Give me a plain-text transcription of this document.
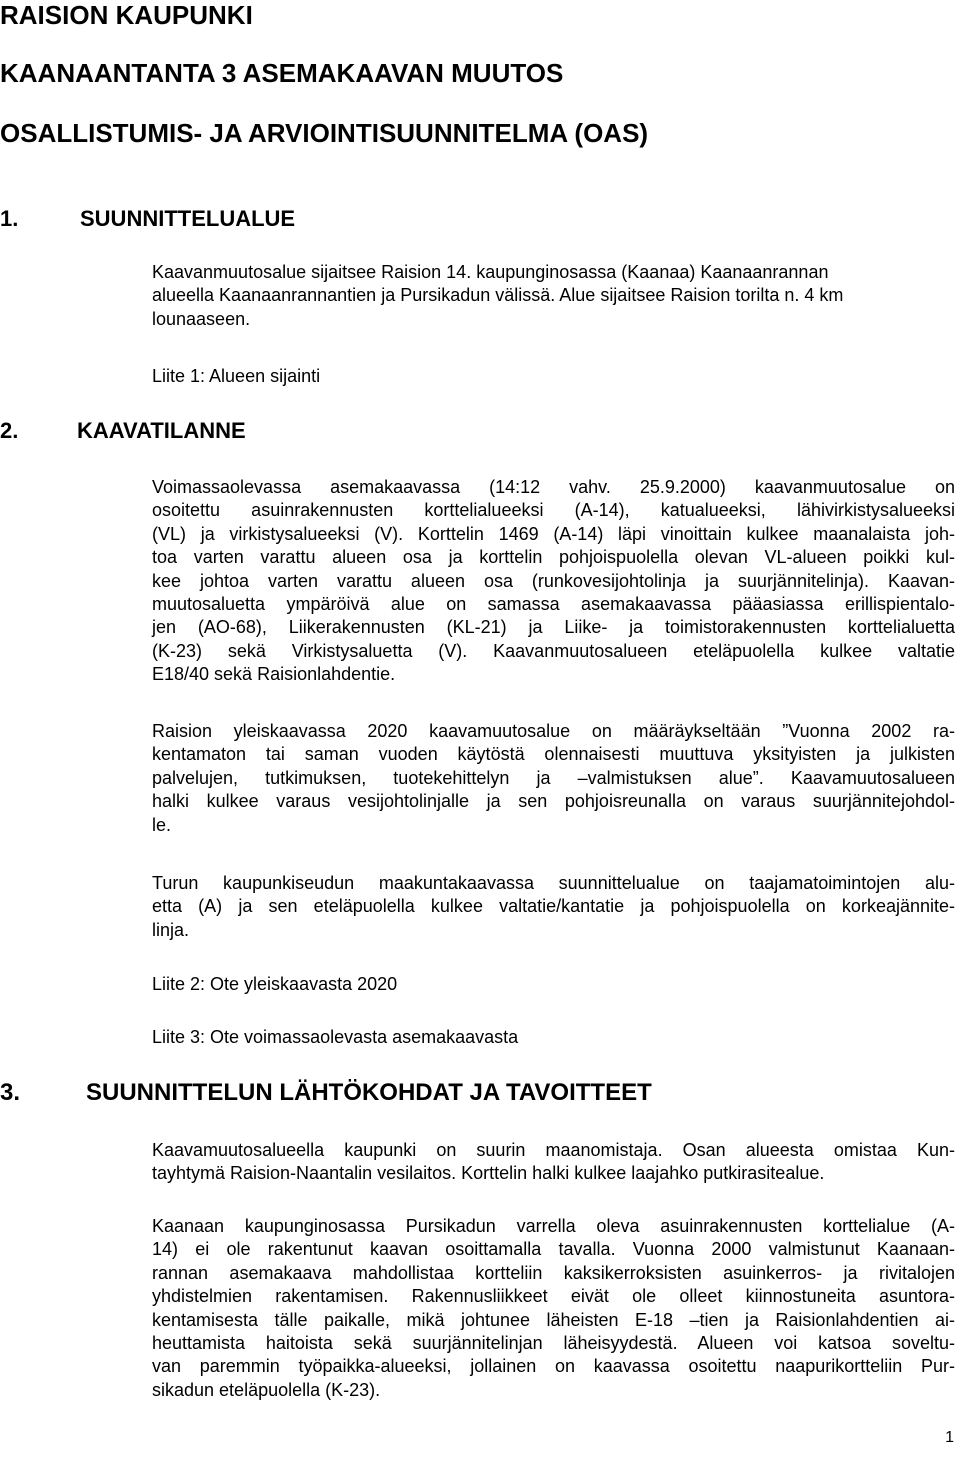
RAISION KAUPUNKI
KAANAANTANTA 3 ASEMAKAAVAN MUUTOS
OSALLISTUMIS- JA ARVIOINTISUUNNITELMA (OAS)
1.	SUUNNITTELUALUE
Kaavanmuutosalue sijaitsee Raision 14. kaupunginosassa (Kaanaa) Kaanaanrannan
alueella Kaanaanrannantien ja Pursikadun välissä. Alue sijaitsee Raision torilta n. 4 km
lounaaseen.
Liite 1: Alueen sijainti
2.	KAAVATILANNE
Voimassaolevassa asemakaavassa (14:12 vahv. 25.9.2000) kaavanmuutosalue on
osoitettu asuinrakennusten korttelialueeksi (A-14), katualueeksi, lähivirkistysalueeksi
(VL) ja virkistysalueeksi (V). Korttelin 1469 (A-14) läpi vinoittain kulkee maanalaista joh-
toa varten varattu alueen osa ja korttelin pohjoispuolella olevan VL-alueen poikki kul-
kee johtoa varten varattu alueen osa (runkovesijohtolinja ja suurjännitelinja). Kaavan-
muutosaluetta ympäröivä alue on samassa asemakaavassa pääasiassa erillispientalo-
jen (AO-68), Liikerakennusten (KL-21) ja Liike- ja toimistorakennusten korttelialuetta
(K-23) sekä Virkistysaluetta (V). Kaavanmuutosalueen eteläpuolella kulkee valtatie
E18/40 sekä Raisionlahdentie.
Raision yleiskaavassa 2020 kaavamuutosalue on määräykseltään ”Vuonna 2002 ra-
kentamaton tai saman vuoden käytöstä olennaisesti muuttuva yksityisten ja julkisten
palvelujen, tutkimuksen, tuotekehittelyn ja –valmistuksen alue”. Kaavamuutosalueen
halki kulkee varaus vesijohtolinjalle ja sen pohjoisreunalla on varaus suurjännitejohdol-
le.
Turun kaupunkiseudun maakuntakaavassa suunnittelualue on taajamatoimintojen alu-
etta (A) ja sen eteläpuolella kulkee valtatie/kantatie ja pohjoispuolella on korkeajännite-
linja.
Liite 2: Ote yleiskaavasta 2020
Liite 3: Ote voimassaolevasta asemakaavasta
3.	SUUNNITTELUN LÄHTÖKOHDAT JA TAVOITTEET
Kaavamuutosalueella kaupunki on suurin maanomistaja. Osan alueesta omistaa Kun-
tayhtymä Raision-Naantalin vesilaitos. Korttelin halki kulkee laajahko putkirasitealue.
Kaanaan kaupunginosassa Pursikadun varrella oleva asuinrakennusten korttelialue (A-
14) ei ole rakentunut kaavan osoittamalla tavalla. Vuonna 2000 valmistunut Kaanaan-
rannan asemakaava mahdollistaa kortteliin kaksikerroksisten asuinkerros- ja rivitalojen
yhdistelmien rakentamisen. Rakennusliikkeet eivät ole olleet kiinnostuneita asuntora-
kentamisesta tälle paikalle, mikä johtunee läheisten E-18 –tien ja Raisionlahdentien ai-
heuttamista haitoista sekä suurjännitelinjan läheisyydestä. Alueen voi katsoa soveltu-
van paremmin työpaikka-alueeksi, jollainen on kaavassa osoitettu naapurikortteliin Pur-
sikadun eteläpuolella (K-23).
1
